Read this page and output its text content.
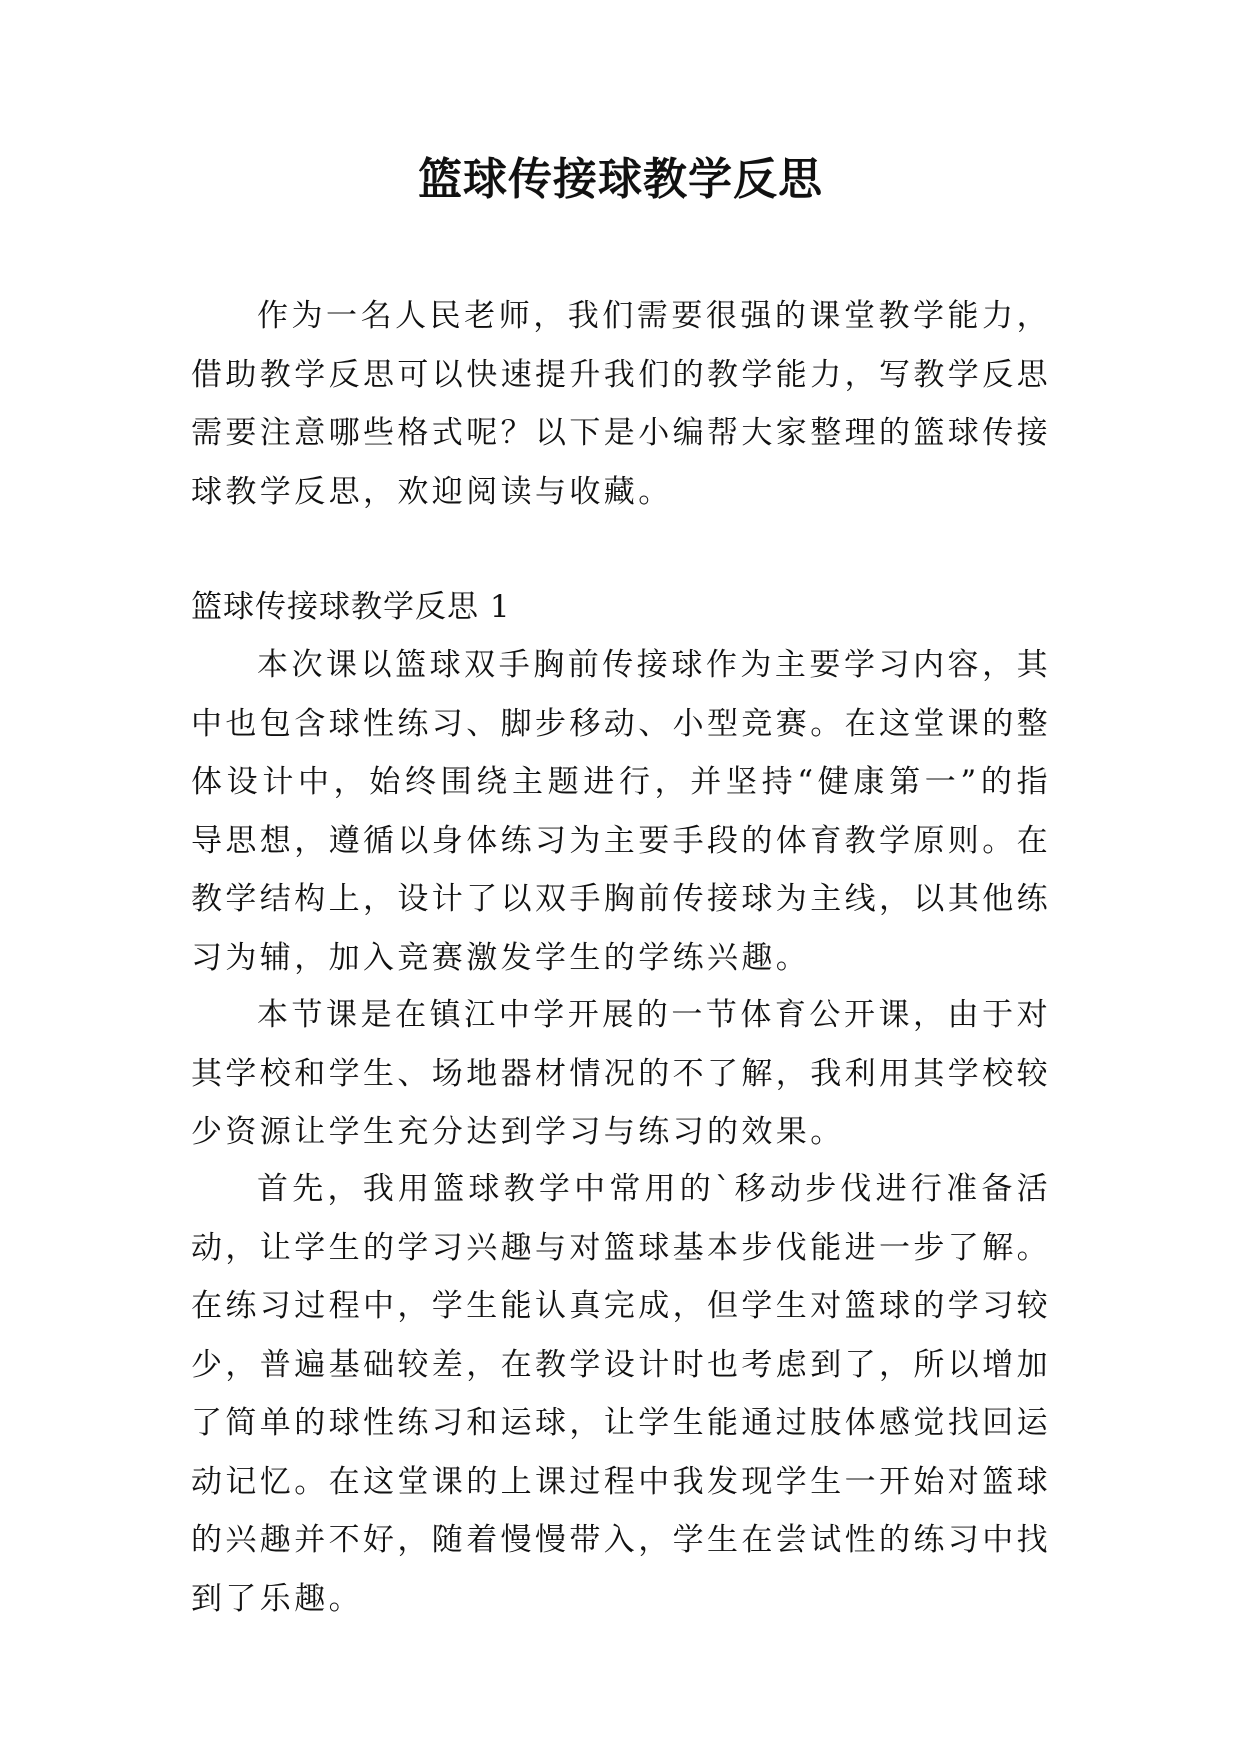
篮球传接球教学反思

作为一名人民老师，我们需要很强的课堂教学能力，借助教学反思可以快速提升我们的教学能力，写教学反思需要注意哪些格式呢？以下是小编帮大家整理的篮球传接球教学反思，欢迎阅读与收藏。

篮球传接球教学反思 1

本次课以篮球双手胸前传接球作为主要学习内容，其中也包含球性练习、脚步移动、小型竞赛。在这堂课的整体设计中，始终围绕主题进行，并坚持“健康第一”的指导思想，遵循以身体练习为主要手段的体育教学原则。在教学结构上，设计了以双手胸前传接球为主线，以其他练习为辅，加入竞赛激发学生的学练兴趣。

本节课是在镇江中学开展的一节体育公开课，由于对其学校和学生、场地器材情况的不了解，我利用其学校较少资源让学生充分达到学习与练习的效果。

首先，我用篮球教学中常用的`移动步伐进行准备活动，让学生的学习兴趣与对篮球基本步伐能进一步了解。在练习过程中，学生能认真完成，但学生对篮球的学习较少，普遍基础较差，在教学设计时也考虑到了，所以增加了简单的球性练习和运球，让学生能通过肢体感觉找回运动记忆。在这堂课的上课过程中我发现学生一开始对篮球的兴趣并不好，随着慢慢带入，学生在尝试性的练习中找到了乐趣。
